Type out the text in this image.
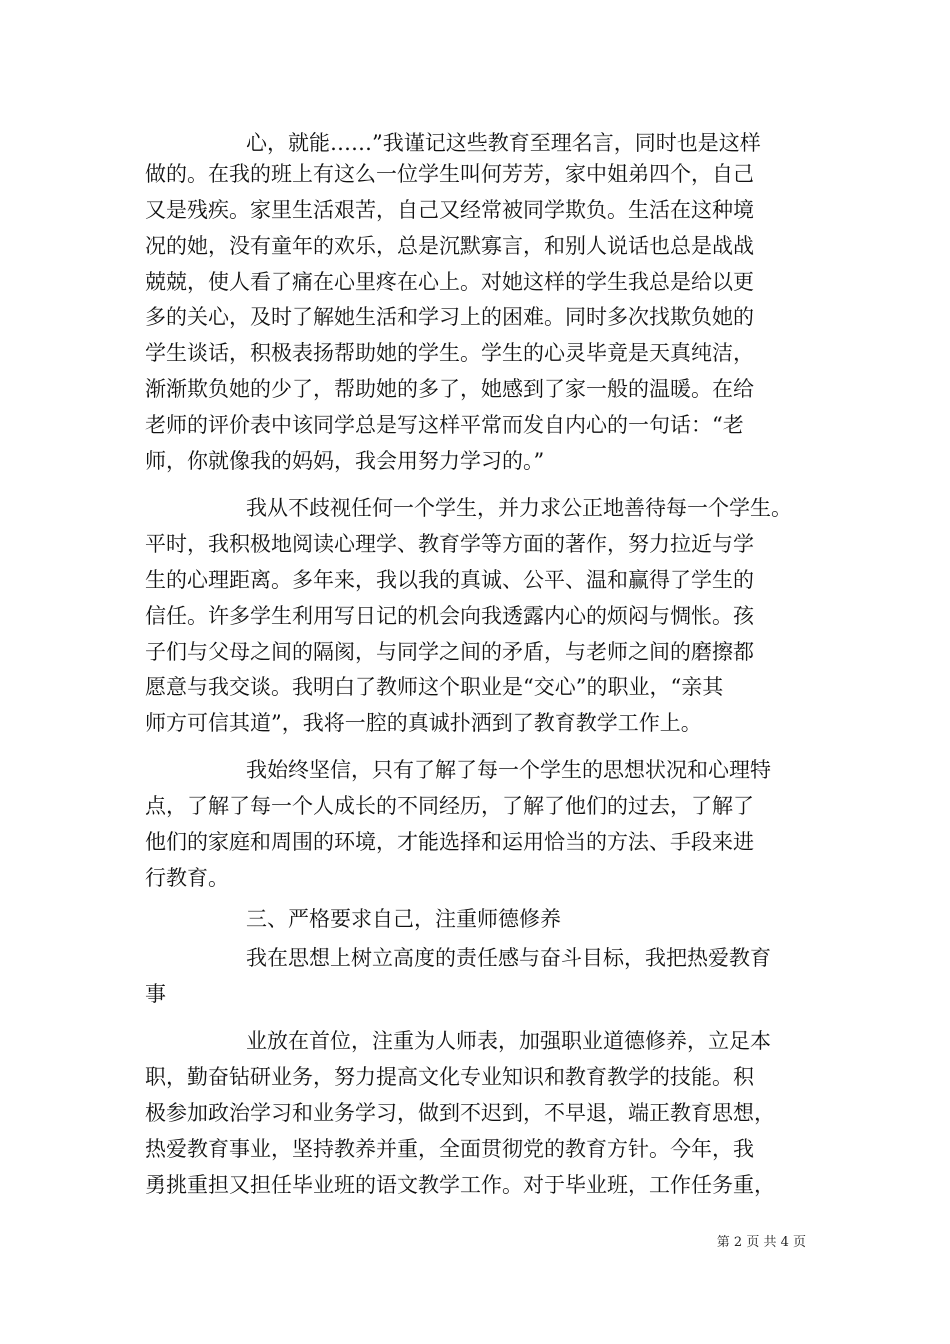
心，就能……”我谨记这些教育至理名言，同时也是这样
做的。在我的班上有这么一位学生叫何芳芳，家中姐弟四个，自己
又是残疾。家里生活艰苦，自己又经常被同学欺负。生活在这种境
况的她，没有童年的欢乐，总是沉默寡言，和别人说话也总是战战
兢兢，使人看了痛在心里疼在心上。对她这样的学生我总是给以更
多的关心，及时了解她生活和学习上的困难。同时多次找欺负她的
学生谈话，积极表扬帮助她的学生。学生的心灵毕竟是天真纯洁，
渐渐欺负她的少了，帮助她的多了，她感到了家一般的温暖。在给
老师的评价表中该同学总是写这样平常而发自内心的一句话：“老
师，你就像我的妈妈，我会用努力学习的。”
我从不歧视任何一个学生，并力求公正地善待每一个学生。
平时，我积极地阅读心理学、教育学等方面的著作，努力拉近与学
生的心理距离。多年来，我以我的真诚、公平、温和赢得了学生的
信任。许多学生利用写日记的机会向我透露内心的烦闷与惆怅。孩
子们与父母之间的隔阂，与同学之间的矛盾，与老师之间的磨擦都
愿意与我交谈。我明白了教师这个职业是“交心”的职业，“亲其
师方可信其道”，我将一腔的真诚扑洒到了教育教学工作上。
我始终坚信，只有了解了每一个学生的思想状况和心理特
点，了解了每一个人成长的不同经历，了解了他们的过去，了解了
他们的家庭和周围的环境，才能选择和运用恰当的方法、手段来进
行教育。
三、严格要求自己，注重师德修养
我在思想上树立高度的责任感与奋斗目标，我把热爱教育
事
业放在首位，注重为人师表，加强职业道德修养，立足本
职，勤奋钻研业务，努力提高文化专业知识和教育教学的技能。积
极参加政治学习和业务学习，做到不迟到，不早退，端正教育思想，
热爱教育事业，坚持教养并重，全面贯彻党的教育方针。今年，我
勇挑重担又担任毕业班的语文教学工作。对于毕业班，工作任务重，
第 2 页 共 4 页
